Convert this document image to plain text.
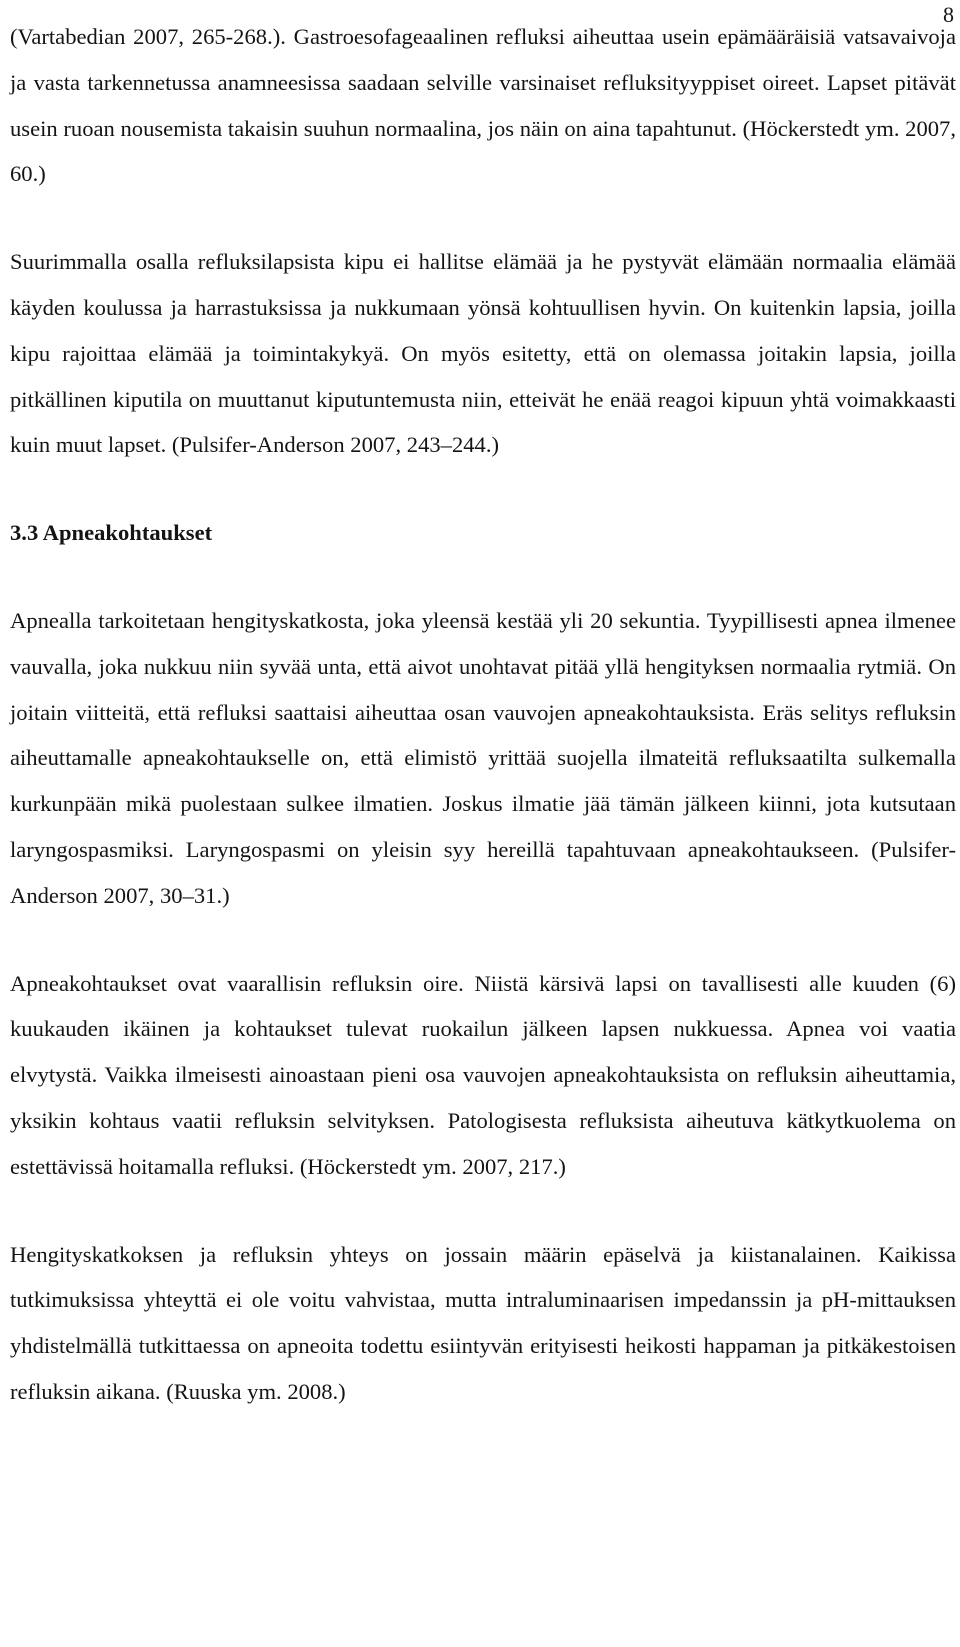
8

(Vartabedian 2007, 265-268.). Gastroesofageaalinen refluksi aiheuttaa usein epämääräisiä vatsavaivoja ja vasta tarkennetussa anamneesissa saadaan selville varsinaiset refluksityyppiset oireet. Lapset pitävät usein ruoan nousemista takaisin suuhun normaalina, jos näin on aina tapahtunut. (Höckerstedt ym. 2007, 60.)

Suurimmalla osalla refluksilapsista kipu ei hallitse elämää ja he pystyvät elämään normaalia elämää käyden koulussa ja harrastuksissa ja nukkumaan yönsä kohtuullisen hyvin. On kuitenkin lapsia, joilla kipu rajoittaa elämää ja toimintakykyä. On myös esitetty, että on olemassa joitakin lapsia, joilla pitkällinen kiputila on muuttanut kiputuntemusta niin, etteivät he enää reagoi kipuun yhtä voimakkaasti kuin muut lapset. (Pulsifer-Anderson 2007, 243–244.)

3.3 Apneakohtaukset

Apnealla tarkoitetaan hengityskatkosta, joka yleensä kestää yli 20 sekuntia. Tyypillisesti apnea ilmenee vauvalla, joka nukkuu niin syvää unta, että aivot unohtavat pitää yllä hengityksen normaalia rytmiä. On joitain viitteitä, että refluksi saattaisi aiheuttaa osan vauvojen apneakohtauksista. Eräs selitys refluksin aiheuttamalle apneakohtaukselle on, että elimistö yrittää suojella ilmateitä refluksaatilta sulkemalla kurkunpään mikä puolestaan sulkee ilmatien. Joskus ilmatie jää tämän jälkeen kiinni, jota kutsutaan laryngospasmiksi. Laryngospasmi on yleisin syy hereillä tapahtuvaan apneakohtaukseen. (Pulsifer-Anderson 2007, 30–31.)

Apneakohtaukset ovat vaarallisin refluksin oire. Niistä kärsivä lapsi on tavallisesti alle kuuden (6) kuukauden ikäinen ja kohtaukset tulevat ruokailun jälkeen lapsen nukkuessa. Apnea voi vaatia elvytystä. Vaikka ilmeisesti ainoastaan pieni osa vauvojen apneakohtauksista on refluksin aiheuttamia, yksikin kohtaus vaatii refluksin selvityksen. Patologisesta refluksista aiheutuva kätkytkuolema on estettävissä hoitamalla refluksi. (Höckerstedt ym. 2007, 217.)

Hengityskatkoksen ja refluksin yhteys on jossain määrin epäselvä ja kiistanalainen. Kaikissa tutkimuksissa yhteyttä ei ole voitu vahvistaa, mutta intraluminaarisen impedanssin ja pH-mittauksen yhdistelmällä tutkittaessa on apneoita todettu esiintyvän erityisesti heikosti happaman ja pitkäkestoisen refluksin aikana. (Ruuska ym. 2008.)
